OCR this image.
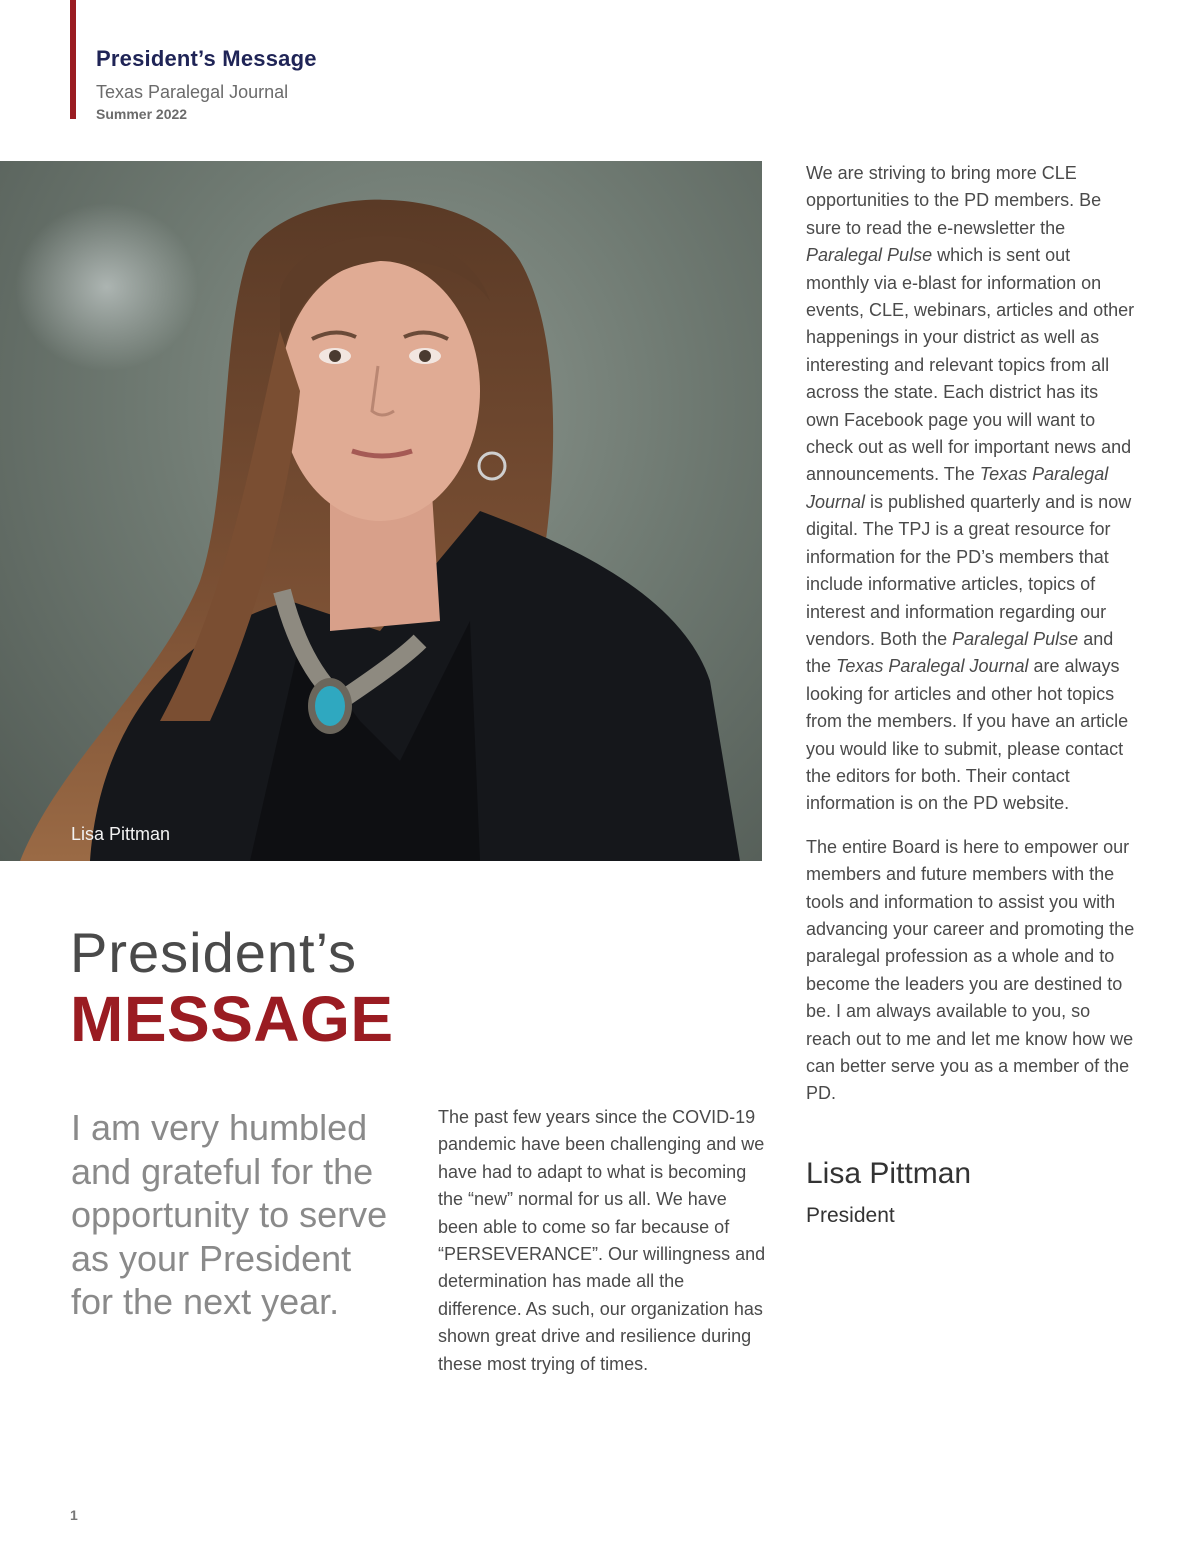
President’s Message
Texas Paralegal Journal
Summer 2022
Lisa Pittman
President’s
MESSAGE

I am very humbled and grateful for the opportunity to serve as your President for the next year.

The past few years since the COVID-19 pandemic have been challenging and we have had to adapt to what is becoming the “new” normal for us all. We have been able to come so far because of “PERSEVERANCE”. Our willingness and determination has made all the difference. As such, our organization has shown great drive and resilience during these most trying of times.

We are striving to bring more CLE opportunities to the PD members. Be sure to read the e-newsletter the Paralegal Pulse which is sent out monthly via e-blast for information on events, CLE, webinars, articles and other happenings in your district as well as interesting and relevant topics from all across the state. Each district has its own Facebook page you will want to check out as well for important news and announcements. The Texas Paralegal Journal is published quarterly and is now digital. The TPJ is a great resource for information for the PD’s members that include informative articles, topics of interest and information regarding our vendors. Both the Paralegal Pulse and the Texas Paralegal Journal are always looking for articles and other hot topics from the members. If you have an article you would like to submit, please contact the editors for both. Their contact information is on the PD website.

The entire Board is here to empower our members and future members with the tools and information to assist you with advancing your career and promoting the paralegal profession as a whole and to become the leaders you are destined to be. I am always available to you, so reach out to me and let me know how we can better serve you as a member of the PD.

Lisa Pittman
President
1
